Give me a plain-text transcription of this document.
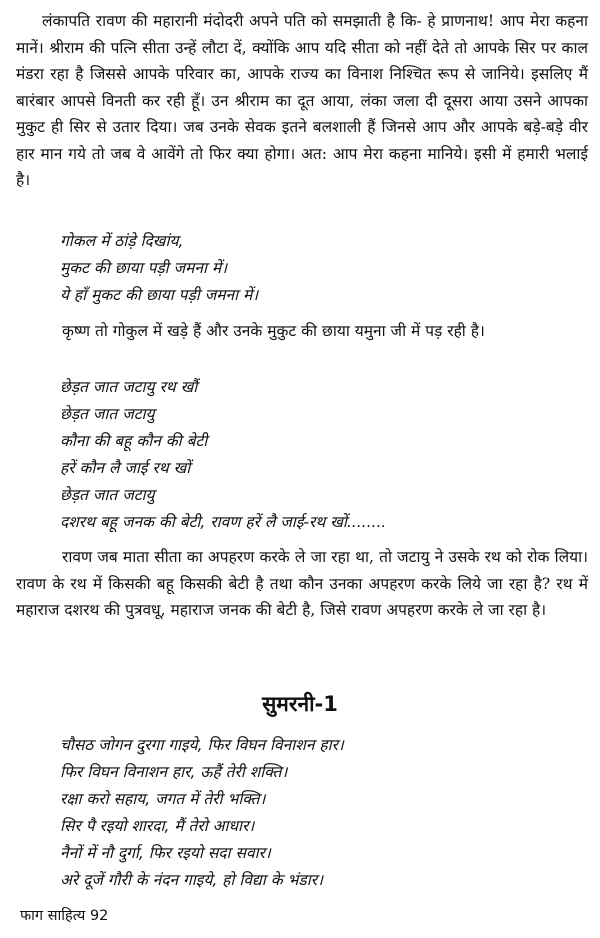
लंकापति रावण की महारानी मंदोदरी अपने पति को समझाती है कि- हे प्राणनाथ! आप मेरा कहना मानें। श्रीराम की पत्नि सीता उन्हें लौटा दें, क्योंकि आप यदि सीता को नहीं देते तो आपके सिर पर काल मंडरा रहा है जिससे आपके परिवार का, आपके राज्य का विनाश निश्चित रूप से जानिये। इसलिए मैं बारंबार आपसे विनती कर रही हूँ। उन श्रीराम का दूत आया, लंका जला दी दूसरा आया उसने आपका मुकुट ही सिर से उतार दिया। जब उनके सेवक इतने बलशाली हैं जिनसे आप और आपके बड़े-बड़े वीर हार मान गये तो जब वे आवेंगे तो फिर क्या होगा। अत: आप मेरा कहना मानिये। इसी में हमारी भलाई है।

गोकल में ठांड़े दिखांय,
मुकट की छाया पड़ी जमना में।
ये हाँ मुकट की छाया पड़ी जमना में।

कृष्ण तो गोकुल में खड़े हैं और उनके मुकुट की छाया यमुना जी में पड़ रही है।

छेड़त जात जटायु रथ खौं
छेड़त जात जटायु
कौना की बहू कौन की बेटी
हरें कौन लै जाई रथ खों
छेड़त जात जटायु
दशरथ बहू जनक की बेटी, रावण हरें लै जाई-रथ खों........

रावण जब माता सीता का अपहरण करके ले जा रहा था, तो जटायु ने उसके रथ को रोक लिया। रावण के रथ में किसकी बहू किसकी बेटी है तथा कौन उनका अपहरण करके लिये जा रहा है? रथ में महाराज दशरथ की पुत्रवधू, महाराज जनक की बेटी है, जिसे रावण अपहरण करके ले जा रहा है।

सुमरनी-1
चौसठ जोगन दुरगा गाइये, फिर विघन विनाशन हार।
फिर विघन विनाशन हार, ऊहैं तेरी शक्ति।
रक्षा करो सहाय, जगत में तेरी भक्ति।
सिर पै रइयो शारदा, मैं तेरो आधार।
नैनों में नौ दुर्गा, फिर रइयो सदा सवार।
अरे दूजें गौरी के नंदन गाइये, हो विद्या के भंडार।

फाग साहित्य 92
